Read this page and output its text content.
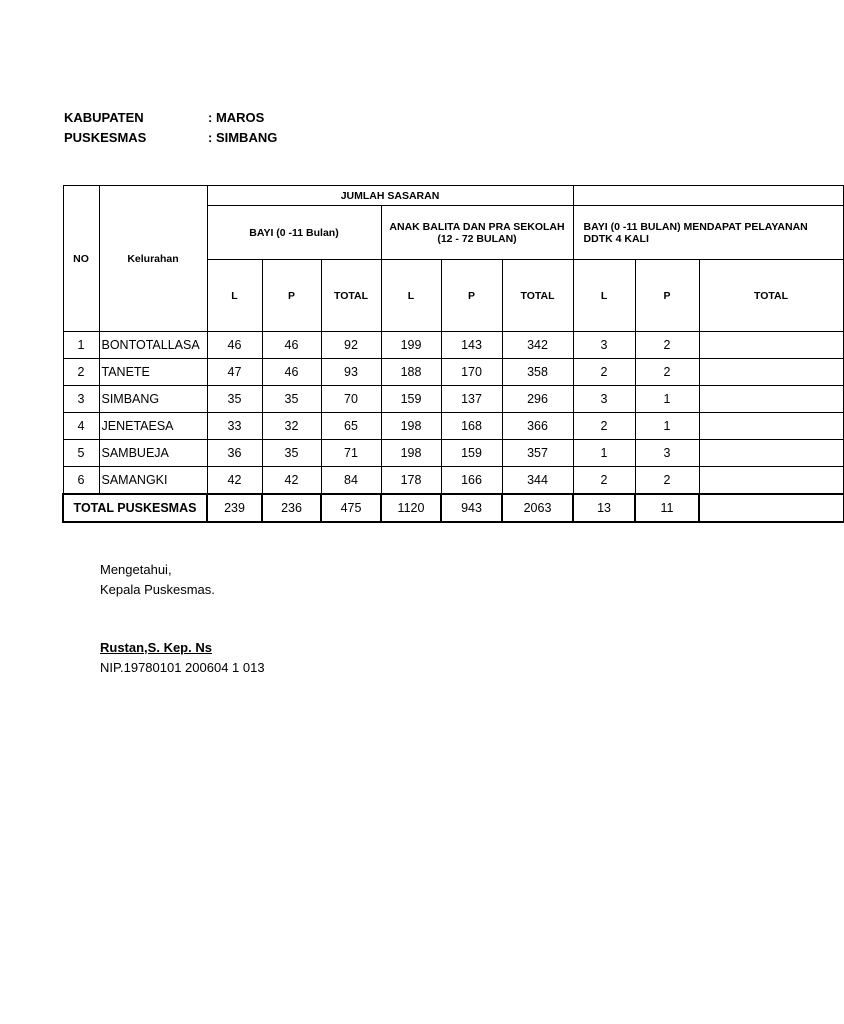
KABUPATEN	: MAROS
PUSKESMAS	: SIMBANG
NO	Kelurahan	JUMLAH SASARAN								
		BAYI (0 -11 Bulan)			ANAK BALITA DAN PRA SEKOLAH (12 - 72 BULAN)			BAYI (0 -11 BULAN) MENDAPAT PELAYANAN DDTK 4 KALI		
		L	P	TOTAL	L	P	TOTAL	L	P	TOTAL
1	BONTOTALLASA	46	46	92	199	143	342	3	2	
2	TANETE	47	46	93	188	170	358	2	2	
3	SIMBANG	35	35	70	159	137	296	3	1	
4	JENETAESA	33	32	65	198	168	366	2	1	
5	SAMBUEJA	36	35	71	198	159	357	1	3	
6	SAMANGKI	42	42	84	178	166	344	2	2	
TOTAL PUSKESMAS		239	236	475	1120	943	2063	13	11	
Mengetahui,
Kepala Puskesmas.
Rustan,S. Kep. Ns
NIP.19780101 200604 1 013
